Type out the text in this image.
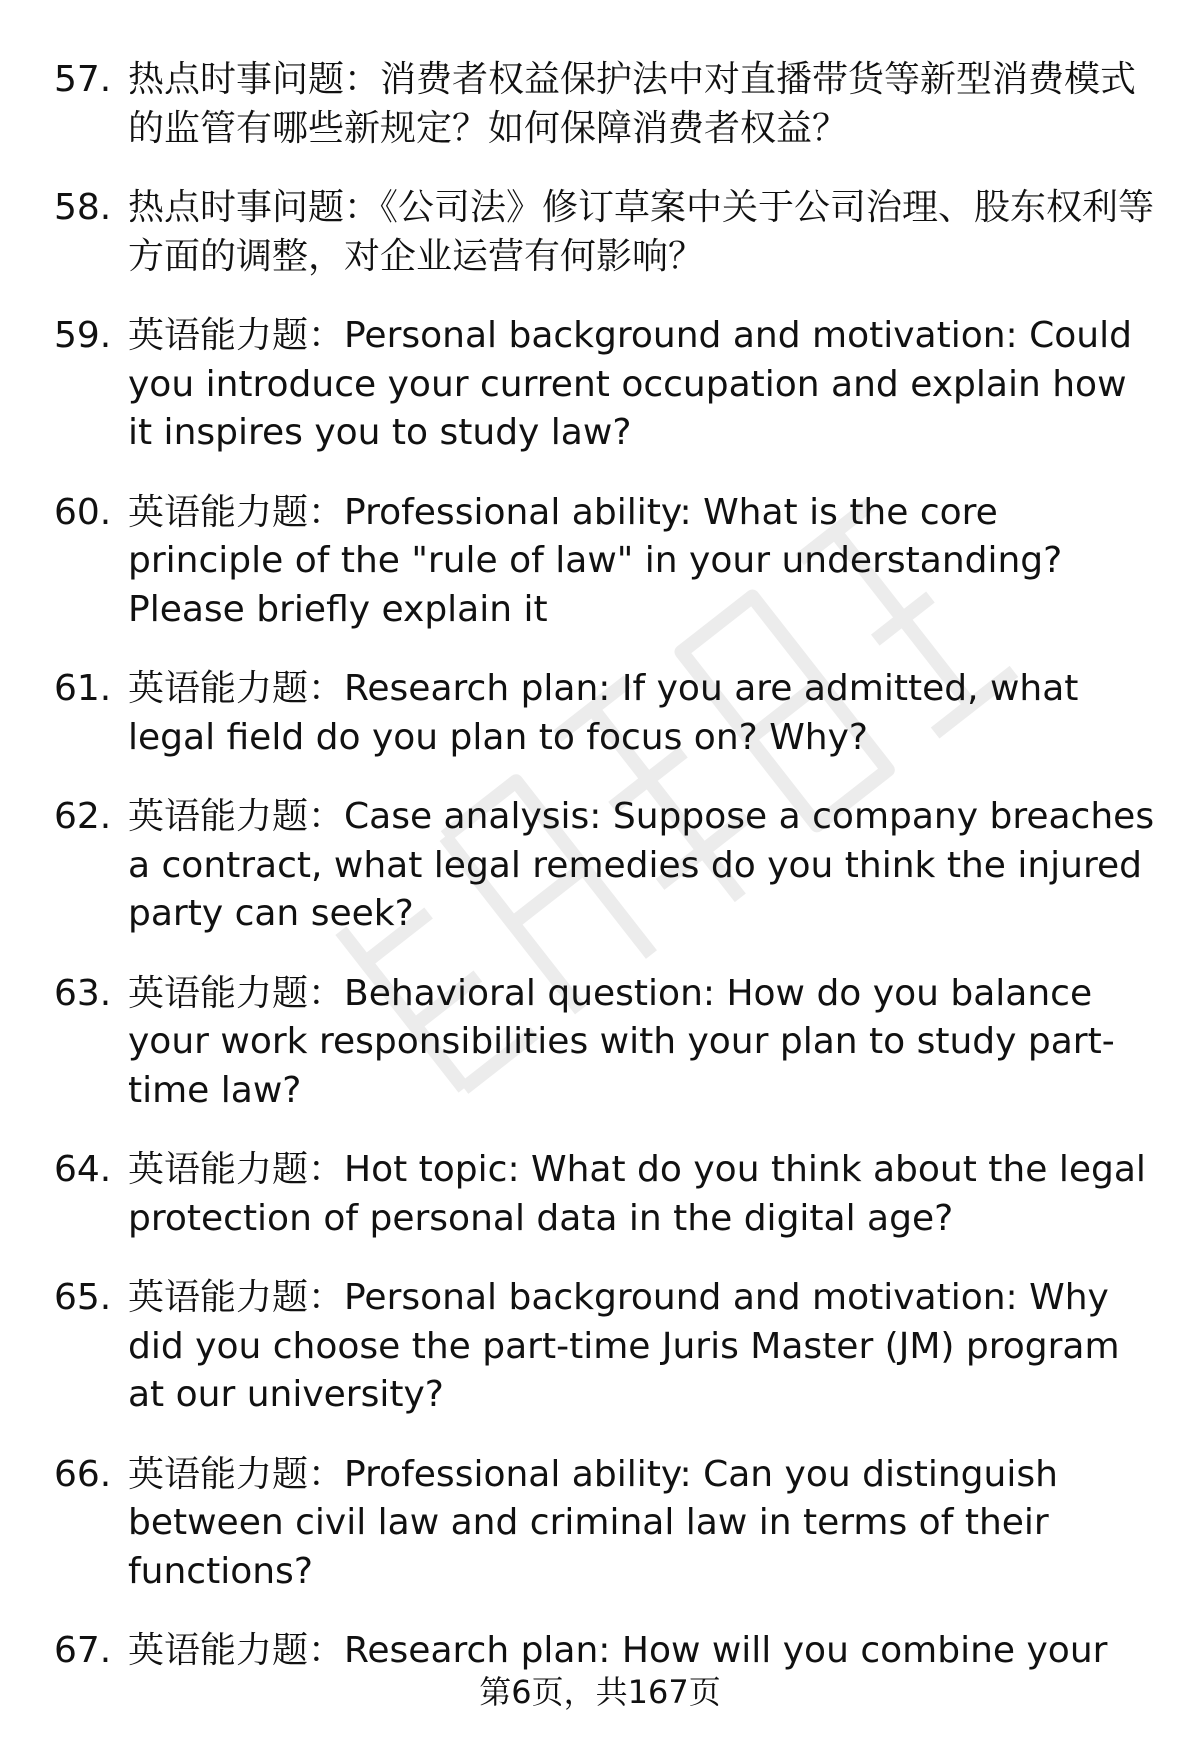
57. 热点时事问题：消费者权益保护法中对直播带货等新型消费模式的监管有哪些新规定？如何保障消费者权益？
58. 热点时事问题：《公司法》修订草案中关于公司治理、股东权利等方面的调整，对企业运营有何影响？
59. 英语能力题：Personal background and motivation: Could you introduce your current occupation and explain how it inspires you to study law?
60. 英语能力题：Professional ability: What is the core principle of the "rule of law" in your understanding? Please briefly explain it
61. 英语能力题：Research plan: If you are admitted, what legal field do you plan to focus on? Why?
62. 英语能力题：Case analysis: Suppose a company breaches a contract, what legal remedies do you think the injured party can seek?
63. 英语能力题：Behavioral question: How do you balance your work responsibilities with your plan to study part-time law?
64. 英语能力题：Hot topic: What do you think about the legal protection of personal data in the digital age?
65. 英语能力题：Personal background and motivation: Why did you choose the part-time Juris Master (JM) program at our university?
66. 英语能力题：Professional ability: Can you distinguish between civil law and criminal law in terms of their functions?
67. 英语能力题：Research plan: How will you combine your
第6页，共167页
